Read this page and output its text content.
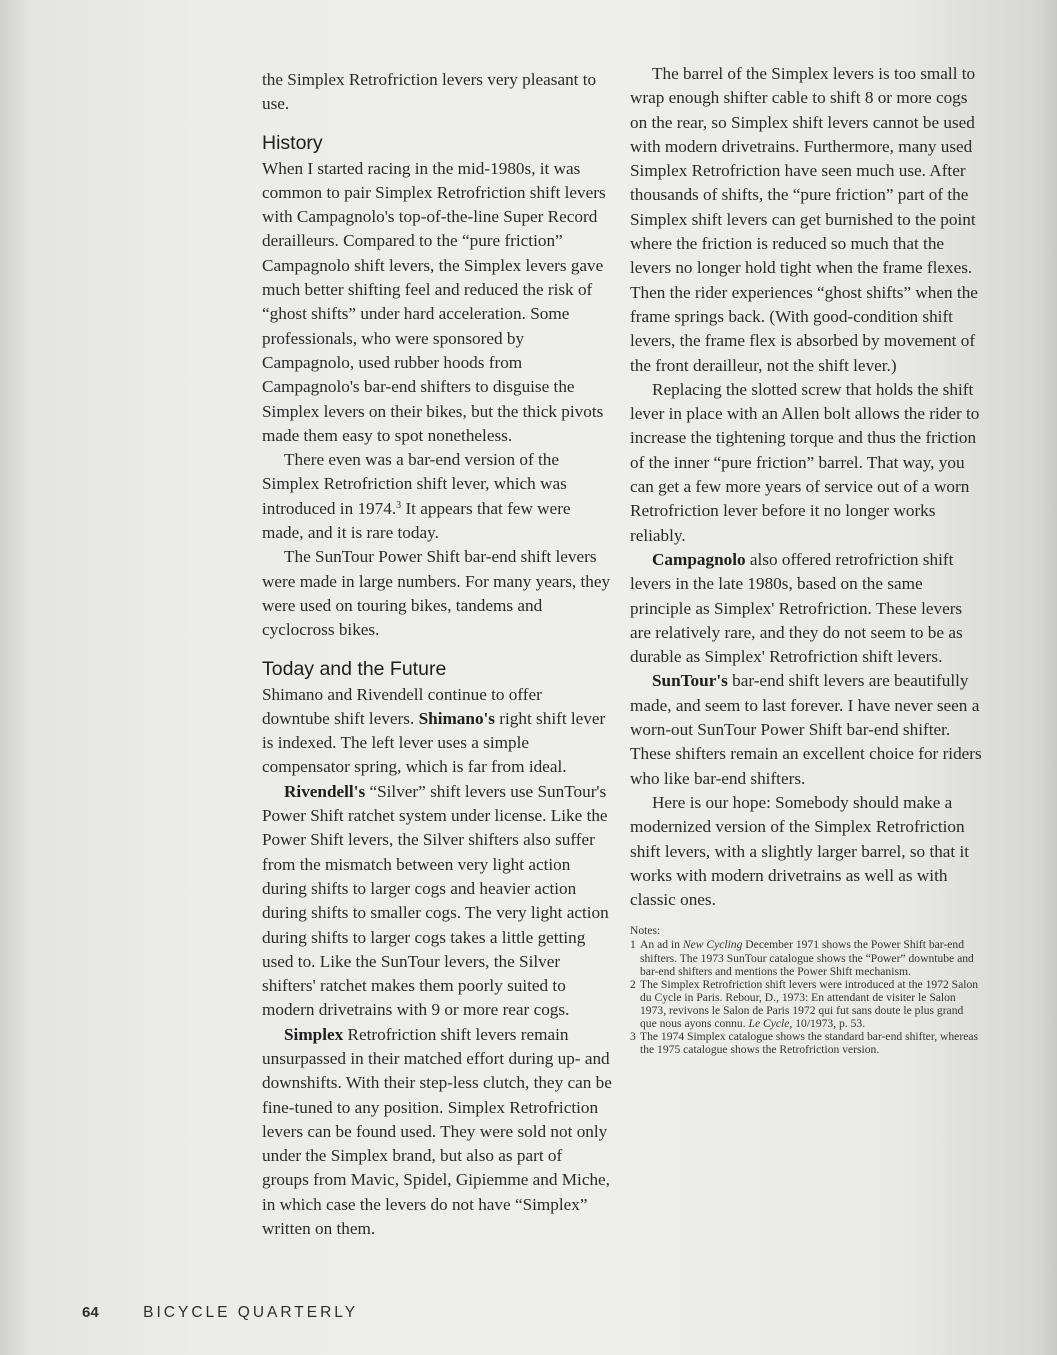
the Simplex Retrofriction levers very pleasant to use.

History

When I started racing in the mid-1980s, it was common to pair Simplex Retrofriction shift levers with Campagnolo's top-of-the-line Super Record derailleurs. Compared to the “pure friction” Campagnolo shift levers, the Simplex levers gave much better shifting feel and reduced the risk of “ghost shifts” under hard acceleration. Some professionals, who were sponsored by Campagnolo, used rubber hoods from Campagnolo's bar-end shifters to disguise the Simplex levers on their bikes, but the thick pivots made them easy to spot nonetheless.

There even was a bar-end version of the Simplex Retrofriction shift lever, which was introduced in 1974.$^3$ It appears that few were made, and it is rare today.

The SunTour Power Shift bar-end shift levers were made in large numbers. For many years, they were used on touring bikes, tandems and cyclocross bikes.

Today and the Future

Shimano and Rivendell continue to offer downtube shift levers. Shimano's right shift lever is indexed. The left lever uses a simple compensator spring, which is far from ideal.

Rivendell's “Silver” shift levers use SunTour's Power Shift ratchet system under license. Like the Power Shift levers, the Silver shifters also suffer from the mismatch between very light action during shifts to larger cogs and heavier action during shifts to smaller cogs. The very light action during shifts to larger cogs takes a little getting used to. Like the SunTour levers, the Silver shifters' ratchet makes them poorly suited to modern drivetrains with 9 or more rear cogs.

Simplex Retrofriction shift levers remain unsurpassed in their matched effort during up- and downshifts. With their step-less clutch, they can be fine-tuned to any position. Simplex Retrofriction levers can be found used. They were sold not only under the Simplex brand, but also as part of groups from Mavic, Spidel, Gipiemme and Miche, in which case the levers do not have “Simplex” written on them.

The barrel of the Simplex levers is too small to wrap enough shifter cable to shift 8 or more cogs on the rear, so Simplex shift levers cannot be used with modern drivetrains. Furthermore, many used Simplex Retrofriction have seen much use. After thousands of shifts, the “pure friction” part of the Simplex shift levers can get burnished to the point where the friction is reduced so much that the levers no longer hold tight when the frame flexes. Then the rider experiences “ghost shifts” when the frame springs back. (With good-condition shift levers, the frame flex is absorbed by movement of the front derailleur, not the shift lever.)

Replacing the slotted screw that holds the shift lever in place with an Allen bolt allows the rider to increase the tightening torque and thus the friction of the inner “pure friction” barrel. That way, you can get a few more years of service out of a worn Retrofriction lever before it no longer works reliably.

Campagnolo also offered retrofriction shift levers in the late 1980s, based on the same principle as Simplex' Retrofriction. These levers are relatively rare, and they do not seem to be as durable as Simplex' Retrofriction shift levers.

SunTour's bar-end shift levers are beautifully made, and seem to last forever. I have never seen a worn-out SunTour Power Shift bar-end shifter. These shifters remain an excellent choice for riders who like bar-end shifters.

Here is our hope: Somebody should make a modernized version of the Simplex Retrofriction shift levers, with a slightly larger barrel, so that it works with modern drivetrains as well as with classic ones.

Notes:

1 An ad in New Cycling December 1971 shows the Power Shift bar-end shifters. The 1973 SunTour catalogue shows the “Power” downtube and bar-end shifters and mentions the Power Shift mechanism.

2 The Simplex Retrofriction shift levers were introduced at the 1972 Salon du Cycle in Paris. Rebour, D., 1973: En attendant de visiter le Salon 1973, revivons le Salon de Paris 1972 qui fut sans doute le plus grand que nous ayons connu. Le Cycle, 10/1973, p. 53.

3 The 1974 Simplex catalogue shows the standard bar-end shifter, whereas the 1975 catalogue shows the Retrofriction version.

64	BICYCLE QUARTERLY
